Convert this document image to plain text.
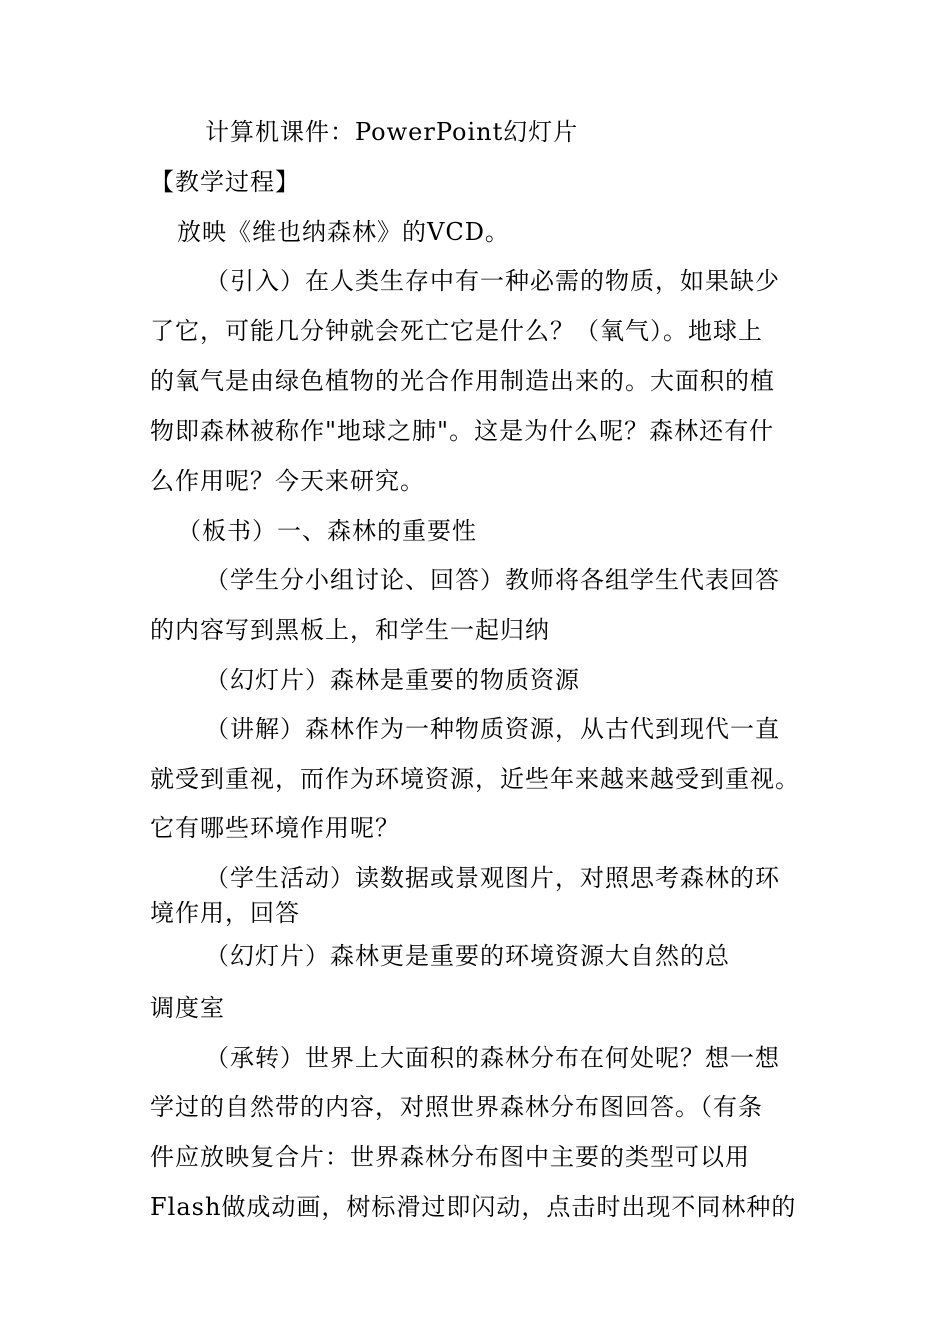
计算机课件：PowerPoint幻灯片

【教学过程】

放映《维也纳森林》的VCD。

（引入）在人类生存中有一种必需的物质，如果缺少

了它，可能几分钟就会死亡它是什么？（氧气）。地球上

的氧气是由绿色植物的光合作用制造出来的。大面积的植

物即森林被称作"地球之肺"。这是为什么呢？森林还有什

么作用呢？今天来研究。

（板书）一、森林的重要性

（学生分小组讨论、回答）教师将各组学生代表回答

的内容写到黑板上，和学生一起归纳

（幻灯片）森林是重要的物质资源

（讲解）森林作为一种物质资源，从古代到现代一直

就受到重视，而作为环境资源，近些年来越来越受到重视。

它有哪些环境作用呢？

（学生活动）读数据或景观图片，对照思考森林的环

境作用，回答

（幻灯片）森林更是重要的环境资源大自然的总

调度室

（承转）世界上大面积的森林分布在何处呢？想一想

学过的自然带的内容，对照世界森林分布图回答。（有条

件应放映复合片：世界森林分布图中主要的类型可以用

Flash做成动画，树标滑过即闪动，点击时出现不同林种的
